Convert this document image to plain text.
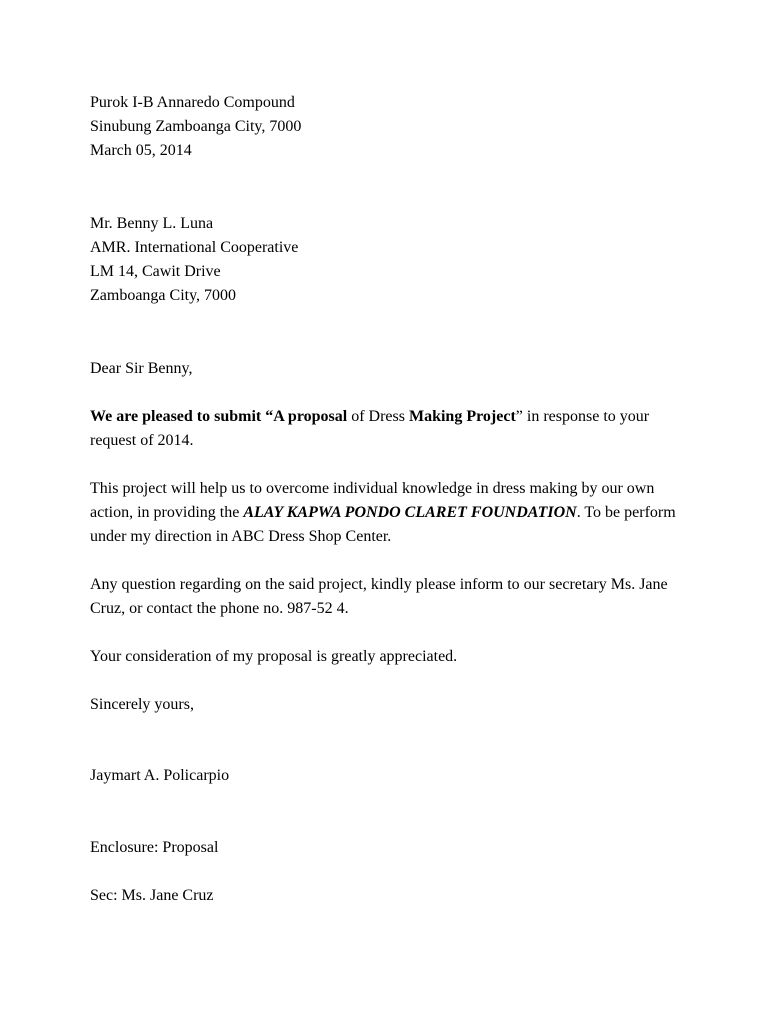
Purok I-B Annaredo Compound
Sinubung Zamboanga City, 7000
March 05, 2014
Mr. Benny L. Luna
AMR. International Cooperative
LM 14, Cawit Drive
Zamboanga City, 7000
Dear Sir Benny,
We are pleased to submit “A proposal of Dress Making Project” in response to your request of 2014.
This project will help us to overcome individual knowledge in dress making by our own action, in providing the ALAY KAPWA PONDO CLARET FOUNDATION. To be perform under my direction in ABC Dress Shop Center.
Any question regarding on the said project, kindly please inform to our secretary Ms. Jane Cruz, or contact the phone no. 987-52 4.
Your consideration of my proposal is greatly appreciated.
Sincerely yours,
Jaymart A. Policarpio
Enclosure: Proposal
Sec: Ms. Jane Cruz
